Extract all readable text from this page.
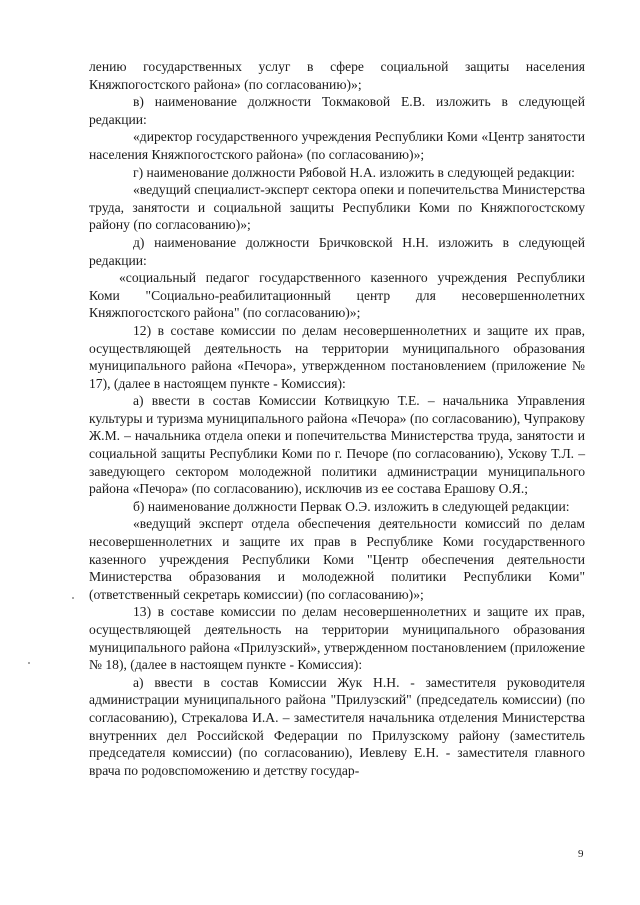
лению государственных услуг в сфере социальной защиты населения Княжпогостского района» (по согласованию)»;

в) наименование должности Токмаковой Е.В. изложить в следующей редакции:

«директор государственного учреждения Республики Коми «Центр занятости населения Княжпогостского района» (по согласованию)»;

г) наименование должности Рябовой Н.А. изложить в следующей редакции:

«ведущий специалист-эксперт сектора опеки и попечительства Министерства труда, занятости и социальной защиты Республики Коми по Княжпогостскому району (по согласованию)»;

д) наименование должности Бричковской Н.Н. изложить в следующей редакции:

«социальный педагог государственного казенного учреждения Республики Коми "Социально-реабилитационный центр для несовершеннолетних Княжпогостского района" (по согласованию)»;

12) в составе комиссии по делам несовершеннолетних и защите их прав, осуществляющей деятельность на территории муниципального образования муниципального района «Печора», утвержденном постановлением (приложение № 17), (далее в настоящем пункте - Комиссия):

а) ввести в состав Комиссии Котвицкую Т.Е. – начальника Управления культуры и туризма муниципального района «Печора» (по согласованию), Чупракову Ж.М. – начальника отдела опеки и попечительства Министерства труда, занятости и социальной защиты Республики Коми по г. Печоре (по согласованию), Ускову Т.Л. – заведующего сектором молодежной политики администрации муниципального района «Печора» (по согласованию), исключив из ее состава Ерашову О.Я.;

б) наименование должности Первак О.Э. изложить в следующей редакции:

«ведущий эксперт отдела обеспечения деятельности комиссий по делам несовершеннолетних и защите их прав в Республике Коми государственного казенного учреждения Республики Коми "Центр обеспечения деятельности Министерства образования и молодежной политики Республики Коми" (ответственный секретарь комиссии) (по согласованию)»;

13) в составе комиссии по делам несовершеннолетних и защите их прав, осуществляющей деятельность на территории муниципального образования муниципального района «Прилузский», утвержденном постановлением (приложение № 18), (далее в настоящем пункте - Комиссия):

а) ввести в состав Комиссии Жук Н.Н. - заместителя руководителя администрации муниципального района "Прилузский" (председатель комиссии) (по согласованию), Стрекалова И.А. – заместителя начальника отделения Министерства внутренних дел Российской Федерации по Прилузскому району (заместитель председателя комиссии) (по согласованию), Иевлеву Е.Н. - заместителя главного врача по родовспоможению и детству государ-

9
